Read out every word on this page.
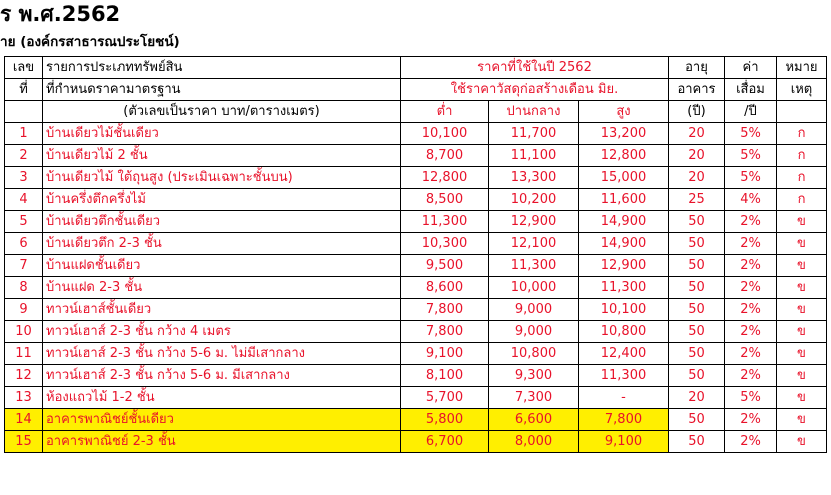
ร พ.ศ.2562
าย (องค์กรสาธารณประโยชน์)
เลข	รายการประเภททรัพย์สิน	ราคาที่ใช้ในปี 2562			อายุ	ค่า	หมาย
ที่	ที่กำหนดราคามาตรฐาน	ใช้ราคาวัสดุก่อสร้างเดือน มิย.			อาคาร	เสื่อม	เหตุ
	(ตัวเลขเป็นราคา บาท/ตารางเมตร)	ต่ำ	ปานกลาง	สูง	(ปี)	/ปี	
1	บ้านเดียวไม้ชั้นเดียว	10,100	11,700	13,200	20	5%	ก
2	บ้านเดียวไม้ 2 ชั้น	8,700	11,100	12,800	20	5%	ก
3	บ้านเดียวไม้ ใต้ถุนสูง (ประเมินเฉพาะชั้นบน)	12,800	13,300	15,000	20	5%	ก
4	บ้านครึ่งตึกครึ่งไม้	8,500	10,200	11,600	25	4%	ก
5	บ้านเดียวตึกชั้นเดียว	11,300	12,900	14,900	50	2%	ข
6	บ้านเดียวตึก 2-3 ชั้น	10,300	12,100	14,900	50	2%	ข
7	บ้านแฝดชั้นเดียว	9,500	11,300	12,900	50	2%	ข
8	บ้านแฝด 2-3 ชั้น	8,600	10,000	11,300	50	2%	ข
9	ทาวน์เฮาส์ชั้นเดียว	7,800	9,000	10,100	50	2%	ข
10	ทาวน์เฮาส์ 2-3 ชั้น กว้าง 4 เมตร	7,800	9,000	10,800	50	2%	ข
11	ทาวน์เฮาส์ 2-3 ชั้น กว้าง 5-6 ม. ไม่มีเสากลาง	9,100	10,800	12,400	50	2%	ข
12	ทาวน์เฮาส์ 2-3 ชั้น กว้าง 5-6 ม. มีเสากลาง	8,100	9,300	11,300	50	2%	ข
13	ห้องแถวไม้ 1-2 ชั้น	5,700	7,300	-	20	5%	ข
14	อาคารพาณิชย์ชั้นเดียว	5,800	6,600	7,800	50	2%	ข
15	อาคารพาณิชย์ 2-3 ชั้น	6,700	8,000	9,100	50	2%	ข
